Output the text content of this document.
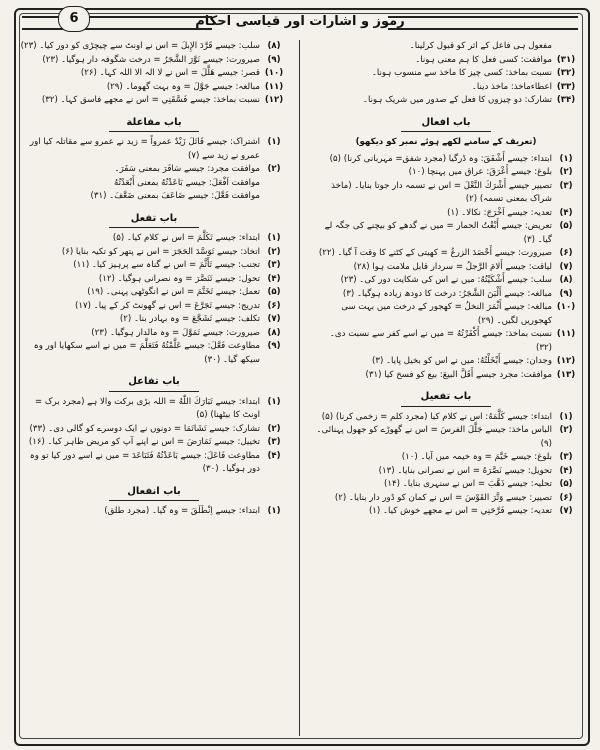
رموز و اشارات اور قیاسی احکام
6
مفعول ہی فاعل کے اثر کو قبول کرلینا۔
(۳۱)
موافقت: کسی فعل کا ہم معنی ہونا۔
(۳۲)
نسبت بماخذ: کسی چیز کا ماخذ سے منسوب ہونا۔
(۳۳)
اعطاءماخذ: ماخذ دینا۔
(۳۴)
تشارک: دو چیزوں کا فعل کے صدور میں شریک ہونا۔
باب افعال
(تعریف کے سامنے لکھے ہوئے نمبر کو دیکھو)
(۱)
ابتداء: جیسے أَشْفَقَ: وہ ڈرگیا (مجرد شفق= مہربانی کرنا) (۵)
(۲)
بلوغ: جیسے أَعْرَقَ: عراق میں پہنچا (۱۰)
(۳)
تصییر جیسے أَشْرَكَ النَّعْلَ = اس نے تسمہ دار جوتا بنایا۔ (ماخذ شراک بمعنی تسمہ) (۲)
(۴)
تعدیہ: جیسے اَخْرَجَ: نکالا۔ (۱)
(۵)
تعریض: جیسے أَبْعْتُ الحمار = میں نے گدھے کو بیچنے کی جگہ لے گیا۔ (۳)
(۶)
صیرورت: جیسے أَحْصَدَ الزرعُ = کھیتی کے کٹنے کا وقت آ گیا۔ (۲۲)
(۷)
لیاقت: جیسے أَلامَ الرَّجلُ = سردار قابل ملامت ہوا (۲۸)
(۸)
سلب: جیسے أَشْكَيْتُهُ: میں نے اس کی شکایت دور کی۔ (۲۳)
(۹)
مبالغہ: جیسے أَلْبَنَ الشَّجَرُ: درخت کا دودھ زیادہ ہوگیا۔ (۳)
(۱۰)
مبالغہ: جیسے أَثْمَرَ النخلُ = کھجور کے درخت میں بہت سی کھجوریں لگیں۔ (۲۹)
(۱۱)
نسبت بماخذ: جیسے أَكْفَرْتُهُ = میں نے اسے کفر سے نسبت دی۔ (۳۲)
(۱۲)
وجدان: جیسے أَبْخَلْتُهُ: میں نے اس کو بخیل پایا۔ (۳)
(۱۳)
موافقت: مجرد جیسے أَقَلَّ البیعَ: بیع کو فسخ کیا (۳۱)
باب تفعیل
(۱)
ابتداء: جیسے كَلَّمَهُ: اس نے کلام کیا (مجرد کلم = زخمی کرنا) (۵)
(۲)
الباس ماخذ: جیسے جَلَّلَ الفرسَ = اس نے گھوڑے کو جھول پہنائی۔ (۹)
(۳)
بلوغ: جیسے خَيَّمَ = وہ خیمہ میں آیا۔ (۱۰)
(۴)
تحویل: جیسے نَصَّرَهُ = اس نے نصرانی بنایا۔ (۱۳)
(۵)
تحلیہ: جیسے ذَهَّبَ = اس نے سنہری بنایا۔ (۱۴)
(۶)
تصییر: جیسے وَتَّرَ القَوْسَ = اس نے کمان کو ڈور دار بنایا۔ (۲)
(۷)
تعدیہ: جیسے فَرَّحَنِي = اس نے مجھے خوش کیا۔ (۱)
(۸)
سلب: جیسے قَرَّدَ الإِبلَ = اس نے اونٹ سے چیچڑی کو دور کیا۔ (۲۳)
(۹)
صیرورت: جیسے نَوَّرَ الشَّجَرُ = درخت شگوفہ دار ہوگیا۔ (۲۳)
(۱۰)
قصر: جیسے هَلَّلَ = اس نے لا الہ الا اللہ کہا۔ (۲۶)
(۱۱)
مبالغہ: جیسے جَوَّلَ = وہ بہت گھوما۔ (۲۹)
(۱۲)
نسبت بماخذ: جیسے فَسَّقَنِي = اس نے مجھے فاسق کہا۔ (۳۲)
باب مفاعلة
(۱)
اشتراک: جیسے قَاتَلَ زَيْدٌ عمرواً = زید نے عمرو سے مقاتلہ کیا اور عمرو نے زید سے (۷)
(۲)
موافقت مجرد: جیسے سَافَرَ بمعنی سَفَرَ۔
موافقت اَفْعَلَ: جیسے بَاعَدْتُهُ بمعنی أَبْعَدْتُهُ
موافقت فَعَّلَ: جیسے ضَاعَفَ بمعنی ضَعَّفَ۔ (۳۱)
باب تفعل
(۱)
ابتداء: جیسے تَكَلَّمَ = اس نے کلام کیا۔ (۵)
(۲)
اتخاذ: جیسے تَوَسَّدَ الحَجَرَ = اس نے پتھر کو تکیہ بنایا (۶)
(۳)
تجنب: جیسے تَأَثَّمَ = اس نے گناہ سے پرہیز کیا۔ (۱۱)
(۴)
تحول: جیسے تَنَصَّرَ = وہ نصرانی ہوگیا۔ (۱۲)
(۵)
تعمل: جیسے تَخَتَّمَ = اس نے انگوٹھی پہنی۔ (۱۹)
(۶)
تدریج: جیسے تَجَرَّعَ = اس نے گھونٹ کر کے پیا۔ (۱۷)
(۷)
تکلف: جیسے تَشَجَّعَ = وہ بہادر بنا۔ (۲)
(۸)
صیرورت: جیسے تَمَوَّلَ = وہ مالدار ہوگیا۔ (۲۳)
(۹)
مطاوعت فَعَّلَ: جیسے عَلَّمْتُهُ فَتَعَلَّمَ = میں نے اسے سکھایا اور وہ سیکھ گیا۔ (۳۰)
باب تفاعل
(۱)
ابتداء: جیسے تَبَارَكَ اللّٰهُ = اللہ بڑی برکت والا ہے (مجرد برک = اونٹ کا بیٹھنا) (۵)
(۲)
تشارک: جیسے تَشَاتَمَا = دونوں نے ایک دوسرے کو گالی دی۔ (۳۳)
(۳)
تخییل: جیسے تَمَارَضَ = اس نے اپنے آپ کو مریض ظاہر کیا۔ (۱۶)
(۴)
مطاوعت فَاعَلَ: جیسے بَاعَدْتُهُ فَتَبَاعَدَ = میں نے اسے دور کیا تو وہ دور ہوگیا۔ (۳۰)
باب انفعال
(۱)
ابتداء: جیسے اِنْطَلَقَ = وہ گیا۔ (مجرد طلق)
